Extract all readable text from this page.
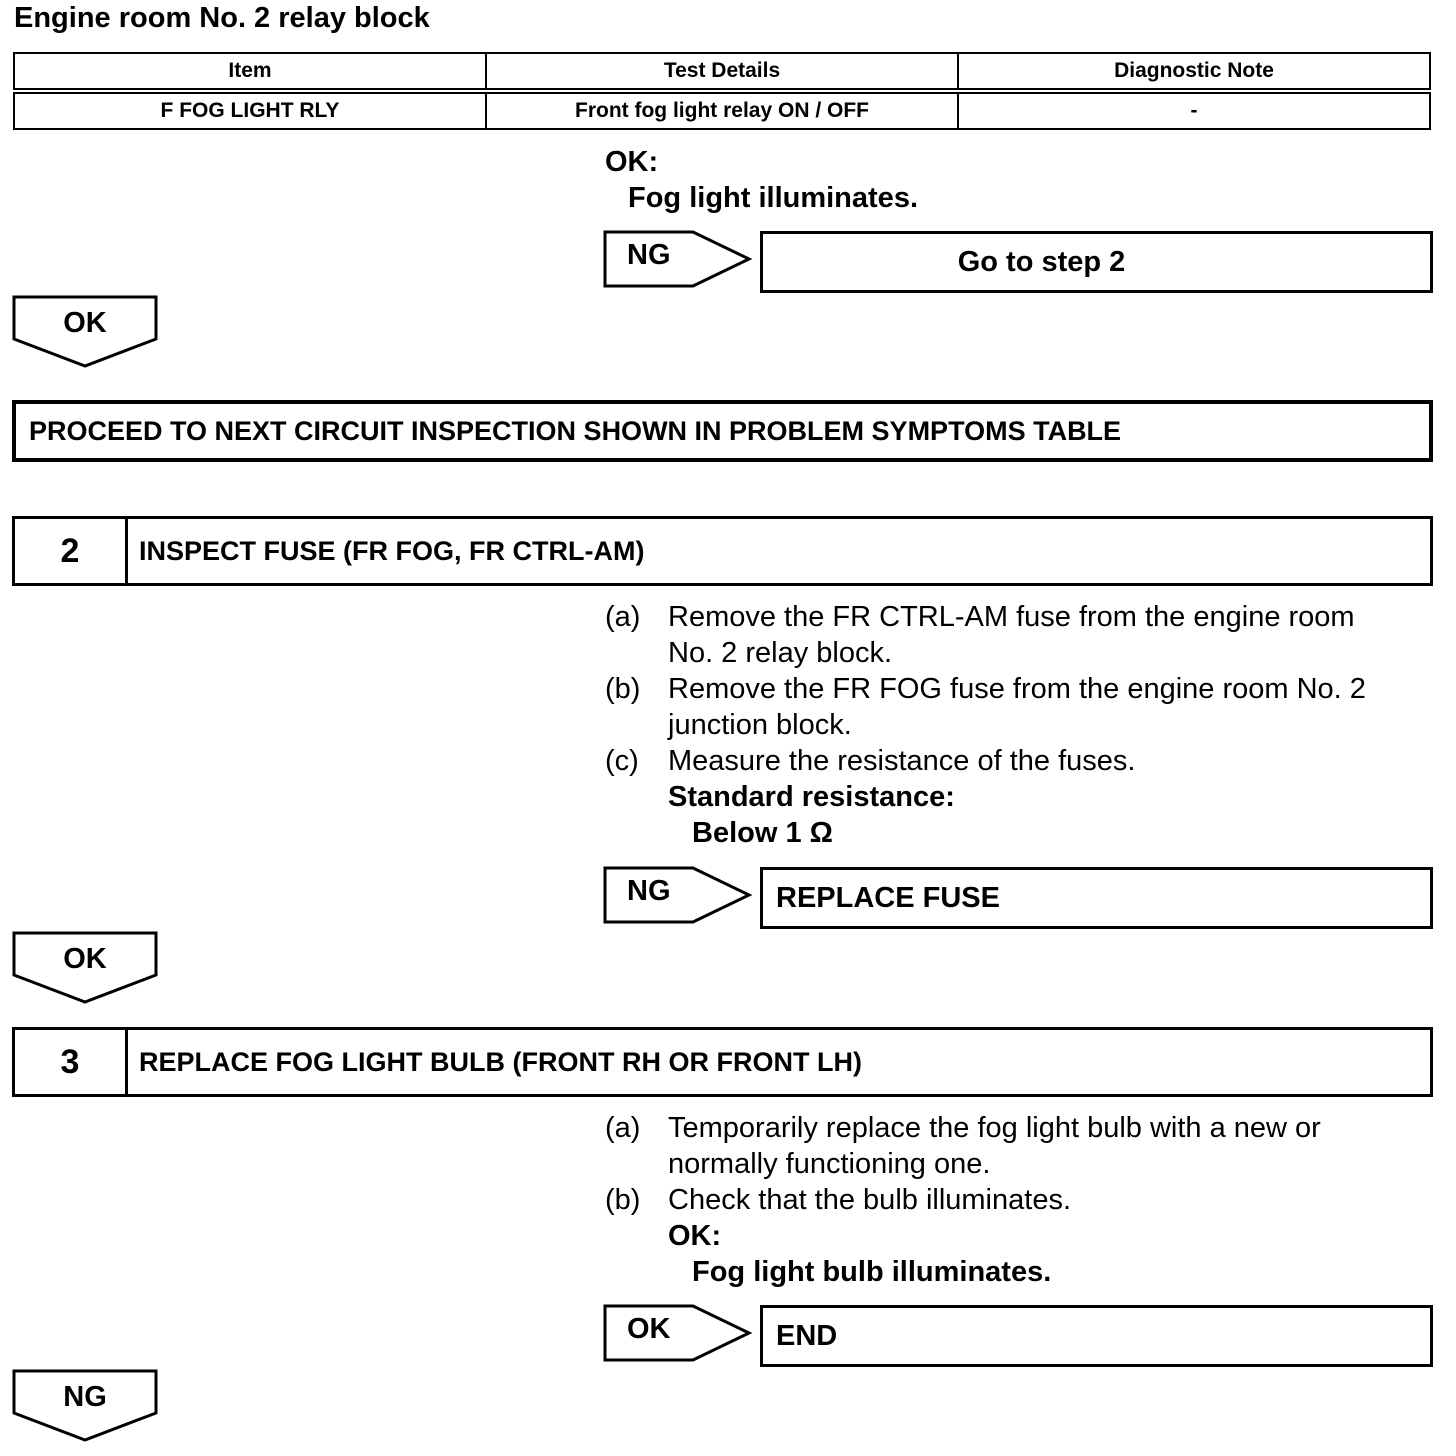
Engine room No. 2 relay block
Item	Test Details	Diagnostic Note
F FOG LIGHT RLY	Front fog light relay ON / OFF	-
OK:
Fog light illuminates.
NG	Go to step 2
OK
PROCEED TO NEXT CIRCUIT INSPECTION SHOWN IN PROBLEM SYMPTOMS TABLE
2	INSPECT FUSE (FR FOG, FR CTRL-AM)
(a) Remove the FR CTRL-AM fuse from the engine room
No. 2 relay block.
(b) Remove the FR FOG fuse from the engine room No. 2
junction block.
(c) Measure the resistance of the fuses.
Standard resistance:
Below 1 Ω
NG	REPLACE FUSE
OK
3	REPLACE FOG LIGHT BULB (FRONT RH OR FRONT LH)
(a) Temporarily replace the fog light bulb with a new or
normally functioning one.
(b) Check that the bulb illuminates.
OK:
Fog light bulb illuminates.
OK	END
NG
